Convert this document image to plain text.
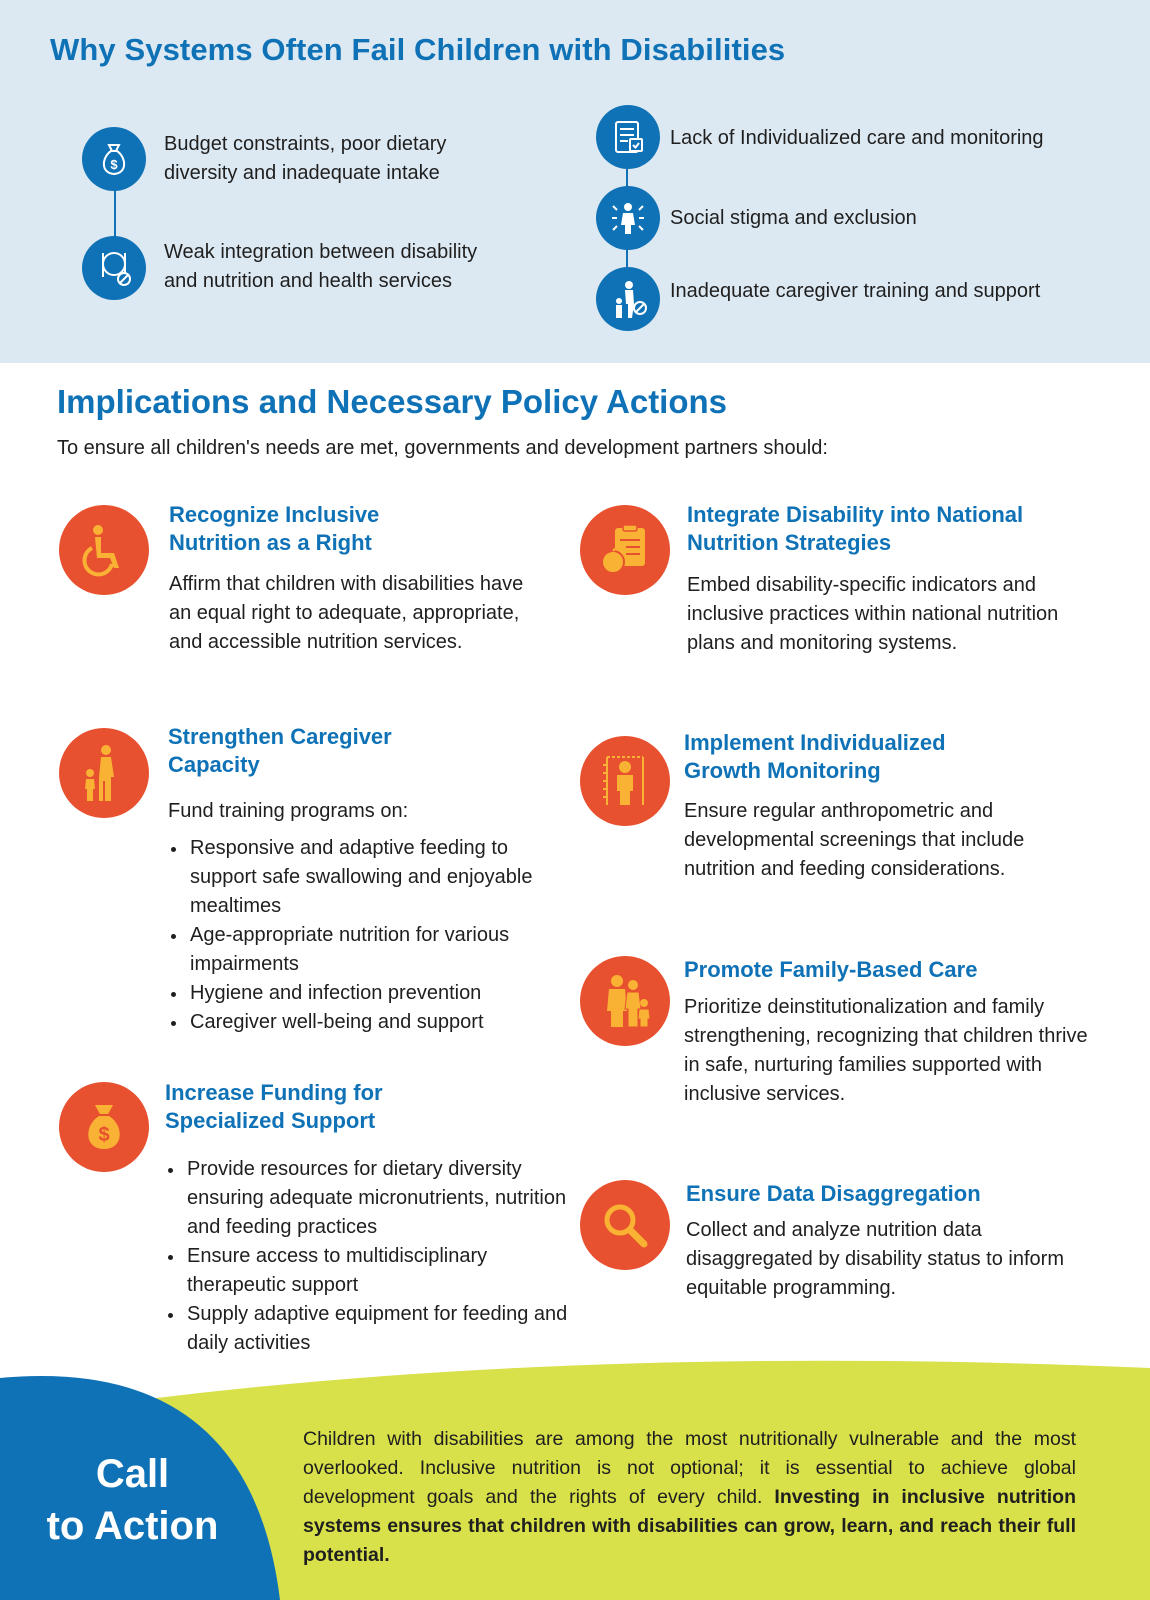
Why Systems Often Fail Children with Disabilities
$
Budget constraints, poor dietary diversity and inadequate intake
Weak integration between disability and nutrition and health services
Lack of Individualized care and monitoring
Social stigma and exclusion
Inadequate caregiver training and support
Implications and Necessary Policy Actions
To ensure all children's needs are met, governments and development partners should:
Recognize Inclusive
Nutrition as a Right
Affirm that children with disabilities have an equal right to adequate, appropriate, and accessible nutrition services.
Integrate Disability into National
Nutrition Strategies
Embed disability-specific indicators and inclusive practices within national nutrition plans and monitoring systems.
Strengthen Caregiver
Capacity
Fund training programs on:
Responsive and adaptive feeding to support safe swallowing and enjoyable mealtimes
Age-appropriate nutrition for various impairments
Hygiene and infection prevention
Caregiver well-being and support
Implement Individualized
Growth Monitoring
Ensure regular anthropometric and developmental screenings that include nutrition and feeding considerations.
Promote Family-Based Care
Prioritize deinstitutionalization and family strengthening, recognizing that children thrive in safe, nurturing families supported with inclusive services.
$
Increase Funding for
Specialized Support
Provide resources for dietary diversity ensuring adequate micronutrients, nutrition and feeding practices
Ensure access to multidisciplinary therapeutic support
Supply adaptive equipment for feeding and daily activities
Ensure Data Disaggregation
Collect and analyze nutrition data disaggregated by disability status to inform equitable programming.
Call
to Action
Children with disabilities are among the most nutritionally vulnerable and the most overlooked. Inclusive nutrition is not optional; it is essential to achieve global development goals and the rights of every child. Investing in inclusive nutrition systems ensures that children with disabilities can grow, learn, and reach their full potential.
